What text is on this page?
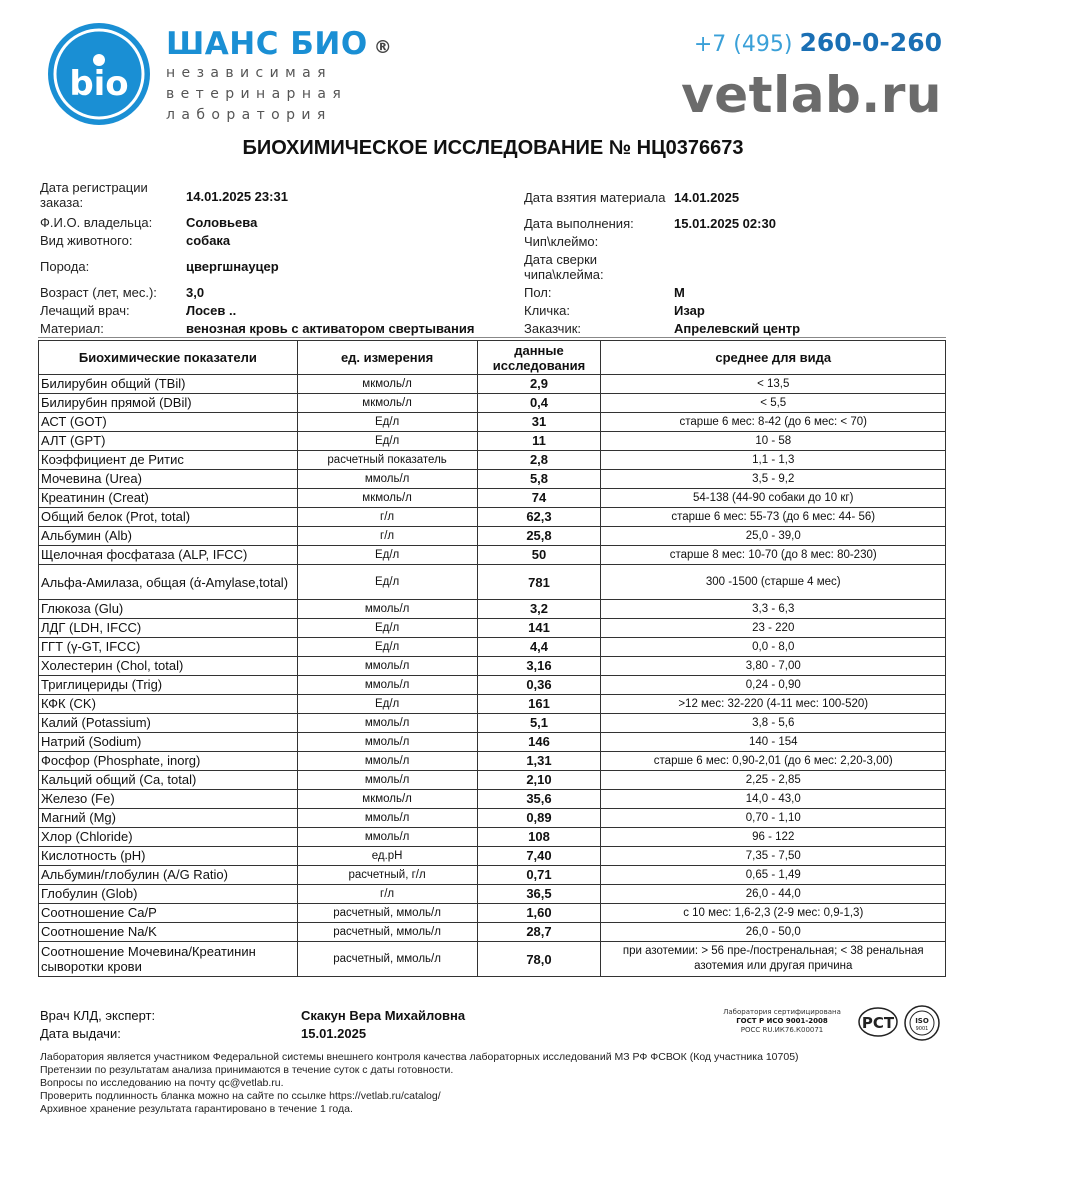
bio
ШАНС БИО ®
независимая
ветеринарная
лаборатория
+7 (495) 260-0-260
vetlab.ru
БИОХИМИЧЕСКОЕ ИССЛЕДОВАНИЕ № НЦ0376673
Дата регистрации заказа:	14.01.2025 23:31
Ф.И.О. владельца:	Соловьева
Вид животного:	собака
Порода:	цвергшнауцер
Возраст (лет, мес.):	3,0
Лечащий врач:	Лосев ..
Материал:	венозная кровь с активатором свертывания
Дата взятия материала 14.01.2025
Дата выполнения:	15.01.2025 02:30
Чип\клеймо:
Дата сверки чипа\клейма:
Пол:	М
Кличка:	Изар
Заказчик:	Апрелевский центр
Биохимические показатели	ед. измерения	данные исследования	среднее для вида
Билирубин общий (TBil)	мкмоль/л	2,9	< 13,5
Билирубин прямой (DBil)	мкмоль/л	0,4	< 5,5
АСТ (GOT)	Ед/л	31	старше 6 мес: 8-42 (до 6 мес: < 70)
АЛТ (GPT)	Ед/л	11	10 - 58
Коэффициент де Ритис	расчетный показатель	2,8	1,1 - 1,3
Мочевина (Urea)	ммоль/л	5,8	3,5 - 9,2
Креатинин (Creat)	мкмоль/л	74	54-138 (44-90 собаки до 10 кг)
Общий белок (Prot, total)	г/л	62,3	старше 6 мес: 55-73 (до 6 мес: 44- 56)
Альбумин (Alb)	г/л	25,8	25,0 - 39,0
Щелочная фосфатаза (ALP, IFCC)	Ед/л	50	старше 8 мес: 10-70 (до 8 мес: 80-230)
Альфа-Амилаза, общая (ά-Amylase,total)	Ед/л	781	300 -1500 (старше 4 мес)
Глюкоза (Glu)	ммоль/л	3,2	3,3 - 6,3
ЛДГ (LDH, IFCC)	Ед/л	141	23 - 220
ГГТ (γ-GT, IFCC)	Ед/л	4,4	0,0 - 8,0
Холестерин (Chol, total)	ммоль/л	3,16	3,80 - 7,00
Триглицериды (Trig)	ммоль/л	0,36	0,24 - 0,90
КФК (CK)	Ед/л	161	>12 мес: 32-220 (4-11 мес: 100-520)
Калий (Potassium)	ммоль/л	5,1	3,8 - 5,6
Натрий (Sodium)	ммоль/л	146	140 - 154
Фосфор (Phosphate, inorg)	ммоль/л	1,31	старше 6 мес: 0,90-2,01 (до 6 мес: 2,20-3,00)
Кальций общий (Ca, total)	ммоль/л	2,10	2,25 - 2,85
Железо (Fe)	мкмоль/л	35,6	14,0 - 43,0
Магний (Mg)	ммоль/л	0,89	0,70 - 1,10
Хлор (Chloride)	ммоль/л	108	96 - 122
Кислотность (pH)	ед.pH	7,40	7,35 - 7,50
Альбумин/глобулин (A/G Ratio)	расчетный, г/л	0,71	0,65 - 1,49
Глобулин (Glob)	г/л	36,5	26,0 - 44,0
Соотношение Ca/P	расчетный, ммоль/л	1,60	с 10 мес: 1,6-2,3 (2-9 мес: 0,9-1,3)
Соотношение Na/K	расчетный, ммоль/л	28,7	26,0 - 50,0
Соотношение Мочевина/Креатинин сыворотки крови	расчетный, ммоль/л	78,0	при азотемии: > 56 пре-/постренальная; < 38 ренальная азотемия или другая причина
Врач КЛД, эксперт:	Скакун Вера Михайловна
Дата выдачи:	15.01.2025
Лаборатория сертифицирована
ГОСТ Р ИСО 9001-2008
РОСС RU.ИК76.К00071	РСТ	ISO
9001
Лаборатория является участником Федеральной системы внешнего контроля качества лабораторных исследований МЗ РФ ФСВОК (Код участника 10705)
Претензии по результатам анализа принимаются в течение суток с даты готовности.
Вопросы по исследованию на почту qc@vetlab.ru.
Проверить подлинность бланка можно на сайте по ссылке https://vetlab.ru/catalog/
Архивное хранение результата гарантировано в течение 1 года.
